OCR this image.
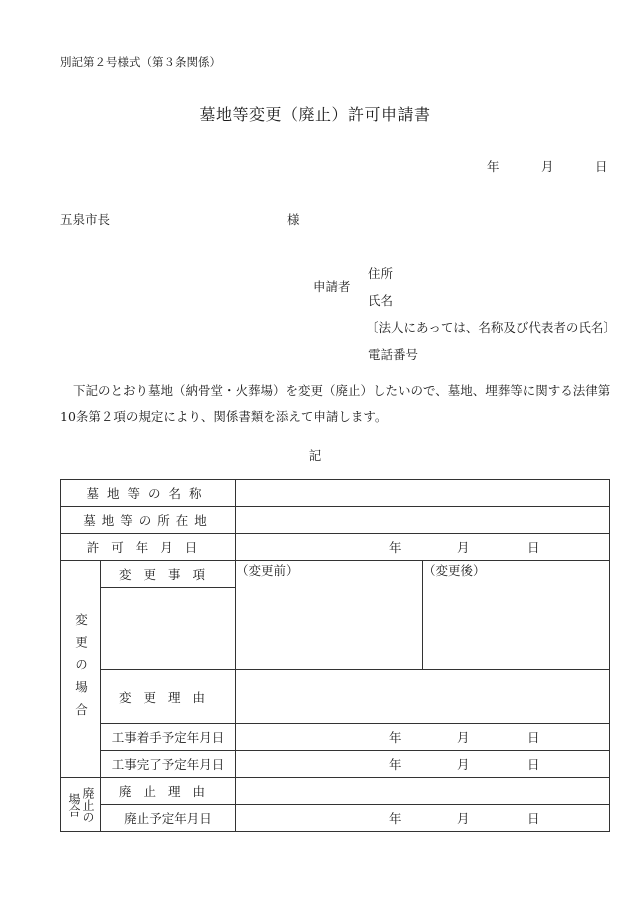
別記第２号様式（第３条関係）
墓地等変更（廃止）許可申請書
年	月	日
五泉市長	様
申請者
住所
氏名
〔法人にあっては、名称及び代表者の氏名〕
電話番号
下記のとおり墓地（納骨堂・火葬場）を変更（廃止）したいので、墓地、埋葬等に関する法律第10条第２項の規定により、関係書類を添えて申請します。
記
墓地等の名称			
墓地等の所在地			
許可年月日		年 月 日	

変更の場合	変更事項	（変更前）	（変更後）

	変更理由		
	工事着手予定年月日	年 月 日	

	工事完了予定年月日	年 月 日	

場合 廃止の	廃止理由		
	廃止予定年月日	年 月 日	
